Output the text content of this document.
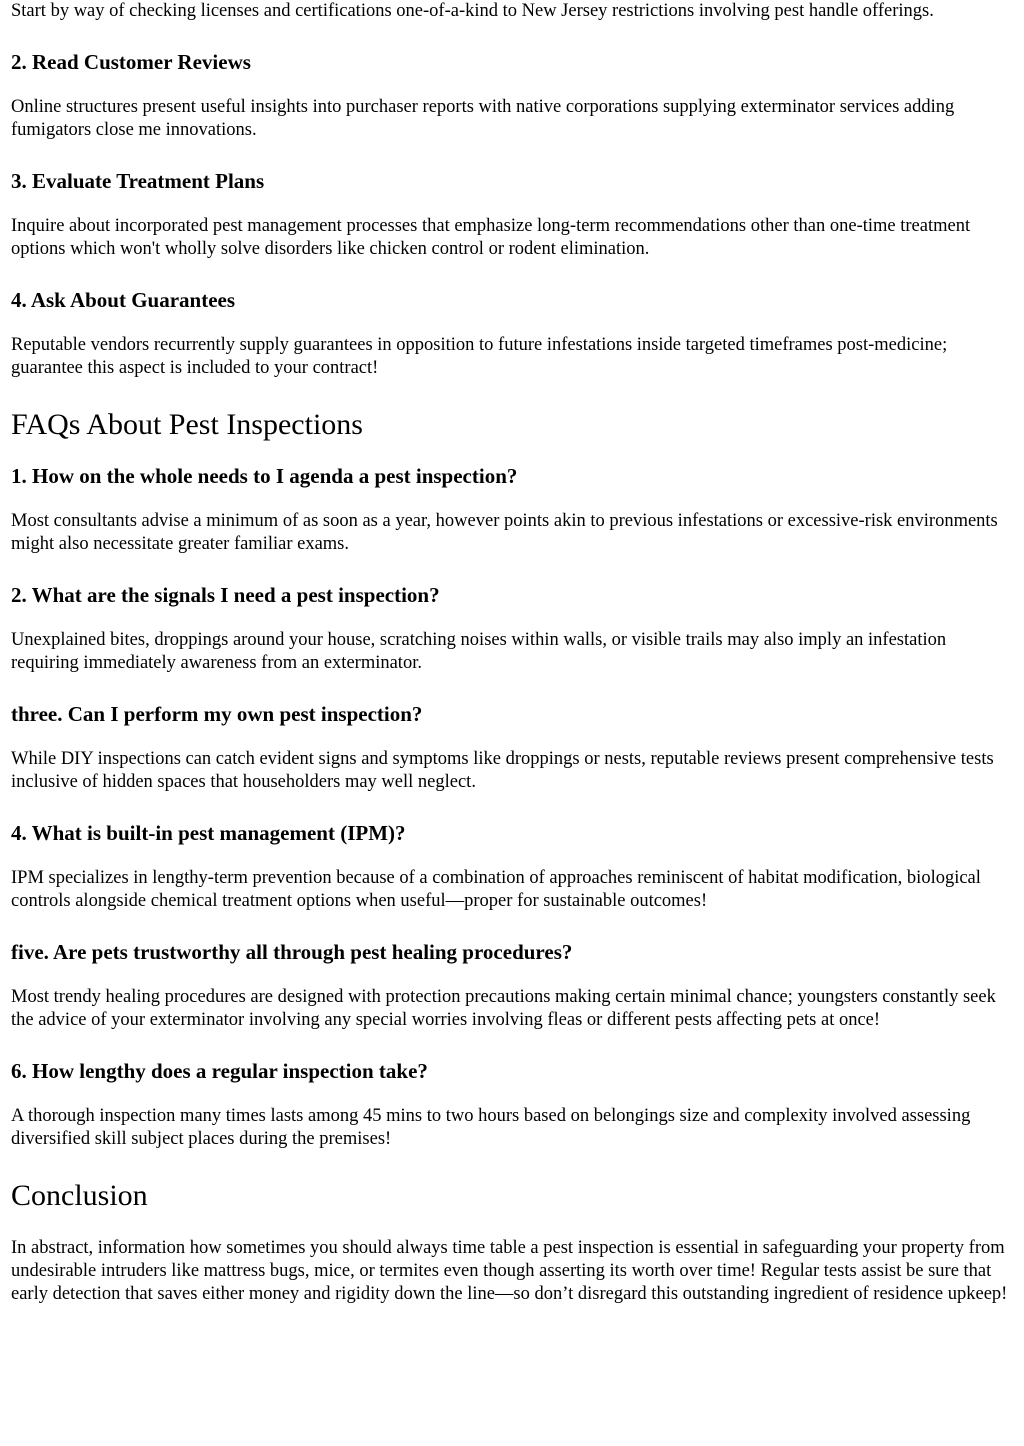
Start by way of checking licenses and certifications one-of-a-kind to New Jersey restrictions involving pest handle offerings.

2. Read Customer Reviews

Online structures present useful insights into purchaser reports with native corporations supplying exterminator services adding fumigators close me innovations.

3. Evaluate Treatment Plans

Inquire about incorporated pest management processes that emphasize long-term recommendations other than one-time treatment options which won't wholly solve disorders like chicken control or rodent elimination.

4. Ask About Guarantees

Reputable vendors recurrently supply guarantees in opposition to future infestations inside targeted timeframes post-medicine; guarantee this aspect is included to your contract!

FAQs About Pest Inspections
1. How on the whole needs to I agenda a pest inspection?

Most consultants advise a minimum of as soon as a year, however points akin to previous infestations or excessive-risk environments might also necessitate greater familiar exams.

2. What are the signals I need a pest inspection?

Unexplained bites, droppings around your house, scratching noises within walls, or visible trails may also imply an infestation requiring immediately awareness from an exterminator.

three. Can I perform my own pest inspection?

While DIY inspections can catch evident signs and symptoms like droppings or nests, reputable reviews present comprehensive tests inclusive of hidden spaces that householders may well neglect.

4. What is built-in pest management (IPM)?

IPM specializes in lengthy-term prevention because of a combination of approaches reminiscent of habitat modification, biological controls alongside chemical treatment options when useful—proper for sustainable outcomes!

five. Are pets trustworthy all through pest healing procedures?

Most trendy healing procedures are designed with protection precautions making certain minimal chance; youngsters constantly seek the advice of your exterminator involving any special worries involving fleas or different pests affecting pets at once!

6. How lengthy does a regular inspection take?

A thorough inspection many times lasts among 45 mins to two hours based on belongings size and complexity involved assessing diversified skill subject places during the premises!

Conclusion

In abstract, information how sometimes you should always time table a pest inspection is essential in safeguarding your property from undesirable intruders like mattress bugs, mice, or termites even though asserting its worth over time! Regular tests assist be sure that early detection that saves either money and rigidity down the line—so don’t disregard this outstanding ingredient of residence upkeep!
